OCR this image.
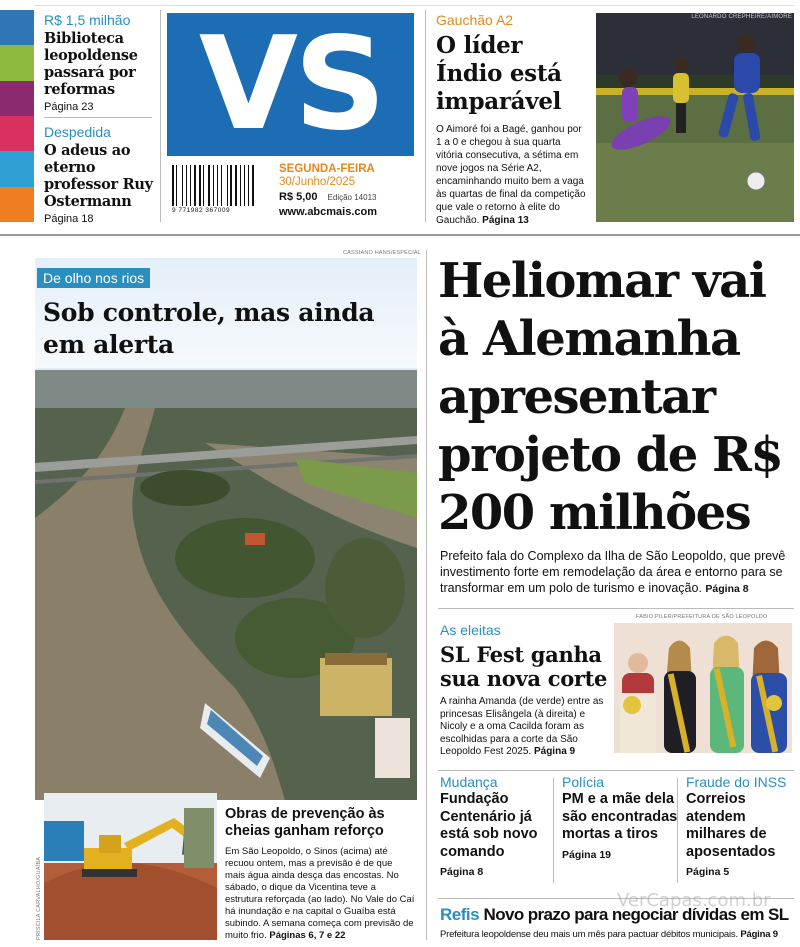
R$ 1,5 milhão
Biblioteca leopoldense passará por reformas
Página 23
Despedida
O adeus ao eterno professor Ruy Ostermann
Página 18
VS
9 771982 367009
SEGUNDA-FEIRA
30/Junho/2025
R$ 5,00 Edição 14013
www.abcmais.com
Gauchão A2
O líder Índio está imparável
O Aimoré foi a Bagé, ganhou por 1 a 0 e chegou à sua quarta vitória consecutiva, a sétima em nove jogos na Série A2, encaminhando muito bem a vaga às quartas de final da competição que vale o retorno à elite do Gauchão. Página 13
LEONARDO CREPHEIRE/AIMORÉ
CASSIANO HANS/ESPECIAL
De olho nos rios
Sob controle, mas ainda em alerta
PRISCILA CARVALHO/GUAÍBA
Obras de prevenção às cheias ganham reforço
Em São Leopoldo, o Sinos (acima) até recuou ontem, mas a previsão é de que mais água ainda desça das encostas. No sábado, o dique da Vicentina teve a estrutura reforçada (ao lado). No Vale do Caí há inundação e na capital o Guaíba está subindo. A semana começa com previsão de muito frio. Páginas 6, 7 e 22
Heliomar vai à Alemanha apresentar projeto de R$ 200 milhões
Prefeito fala do Complexo da Ilha de São Leopoldo, que prevê investimento forte em remodelação da área e entorno para se transformar em um polo de turismo e inovação. Página 8
FABIO PILER/PREFEITURA DE SÃO LEOPOLDO
As eleitas
SL Fest ganha sua nova corte
A rainha Amanda (de verde) entre as princesas Elisângela (à direita) e Nicoly e a oma Cacilda foram as escolhidas para a corte da São Leopoldo Fest 2025. Página 9
Mudança
Fundação Centenário já está sob novo comando
Página 8
Polícia
PM e a mãe dela são encontradas mortas a tiros
Página 19
Fraude do INSS
Correios atendem milhares de aposentados
Página 5
Refis Novo prazo para negociar dívidas em SL
Prefeitura leopoldense deu mais um mês para pactuar débitos municipais. Página 9
VerCapas.com.br
